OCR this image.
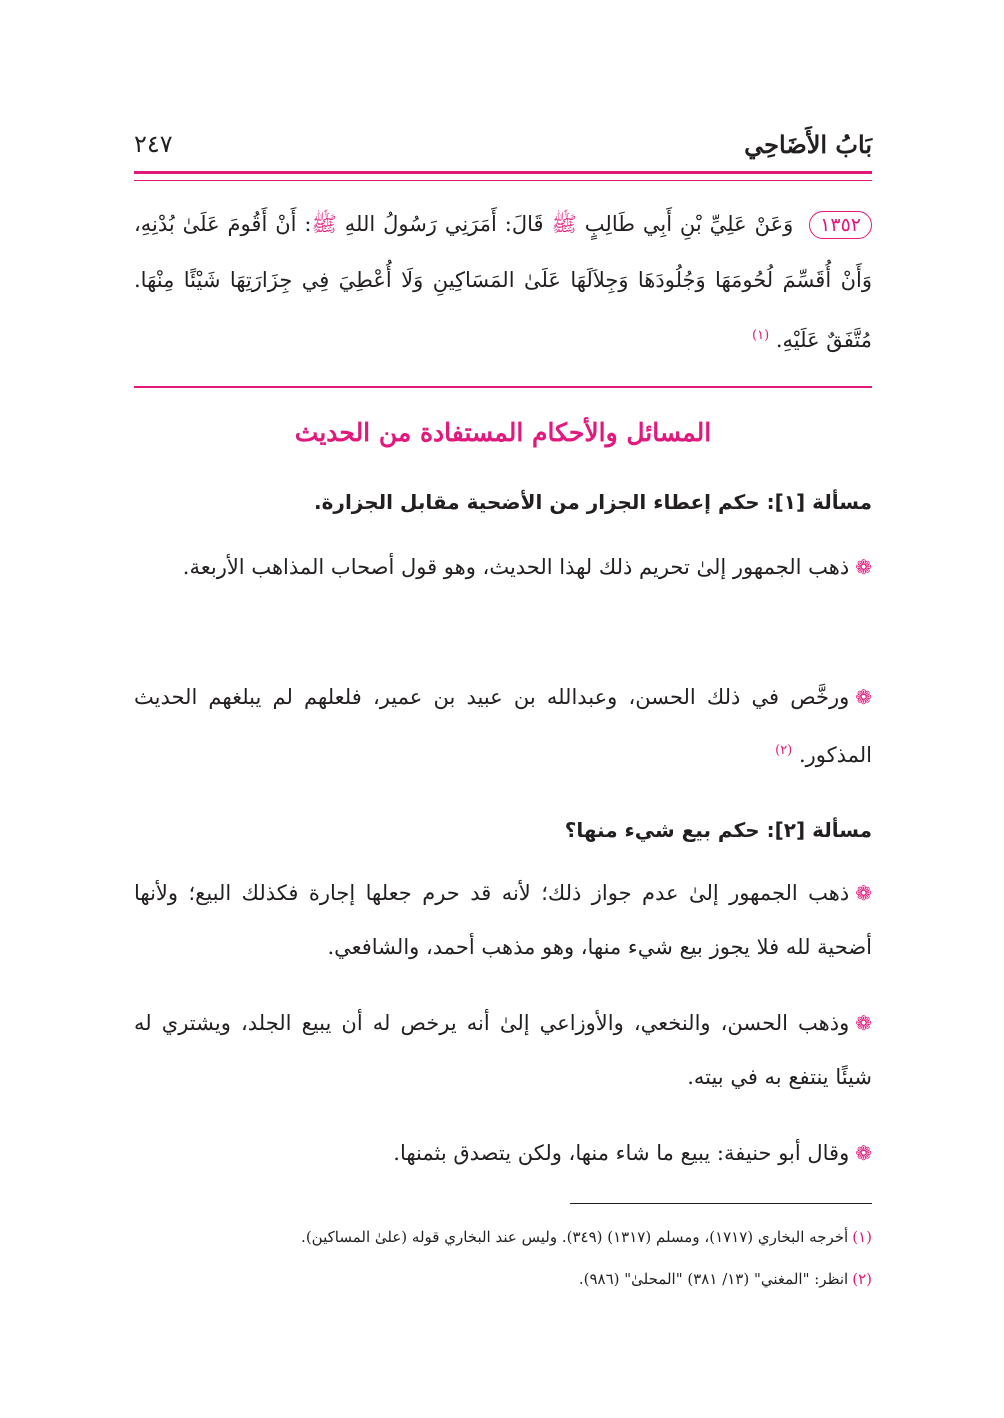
٢٤٧	بَابُ الأَضَاحِي
١٣٥٢ وَعَنْ عَلِيِّ بْنِ أَبِي طَالِبٍ ﷺ قَالَ: أَمَرَنِي رَسُولُ اللهِ ﷺ: أَنْ أَقُومَ عَلَىٰ بُدْنِهِ، وَأَنْ أُقَسِّمَ لُحُومَهَا وَجُلُودَهَا وَجِلاَلَهَا عَلَىٰ المَسَاكِينِ وَلَا أُعْطِيَ فِي جِزَارَتِهَا شَيْئًا مِنْهَا. مُتَّفَقٌ عَلَيْهِ. $^{(١)}$
المسائل والأحكام المستفادة من الحديث
مسألة [١]: حكم إعطاء الجزار من الأضحية مقابل الجزارة.
❁ذهب الجمهور إلىٰ تحريم ذلك لهذا الحديث، وهو قول أصحاب المذاهب الأربعة.
❁ورخَّص في ذلك الحسن، وعبدالله بن عبيد بن عمير، فلعلهم لم يبلغهم الحديث المذكور. $^{(٢)}$
مسألة [٢]: حكم بيع شيء منها؟
❁ذهب الجمهور إلىٰ عدم جواز ذلك؛ لأنه قد حرم جعلها إجارة فكذلك البيع؛ ولأنها أضحية لله فلا يجوز بيع شيء منها، وهو مذهب أحمد، والشافعي.
❁وذهب الحسن، والنخعي، والأوزاعي إلىٰ أنه يرخص له أن يبيع الجلد، ويشتري له شيئًا ينتفع به في بيته.
❁وقال أبو حنيفة: يبيع ما شاء منها، ولكن يتصدق بثمنها.
(١)أخرجه البخاري (١٧١٧)، ومسلم (١٣١٧) (٣٤٩). وليس عند البخاري قوله (علىٰ المساكين).
(٢)انظر: "المغني" (١٣/ ٣٨١) "المحلىٰ" (٩٨٦).
